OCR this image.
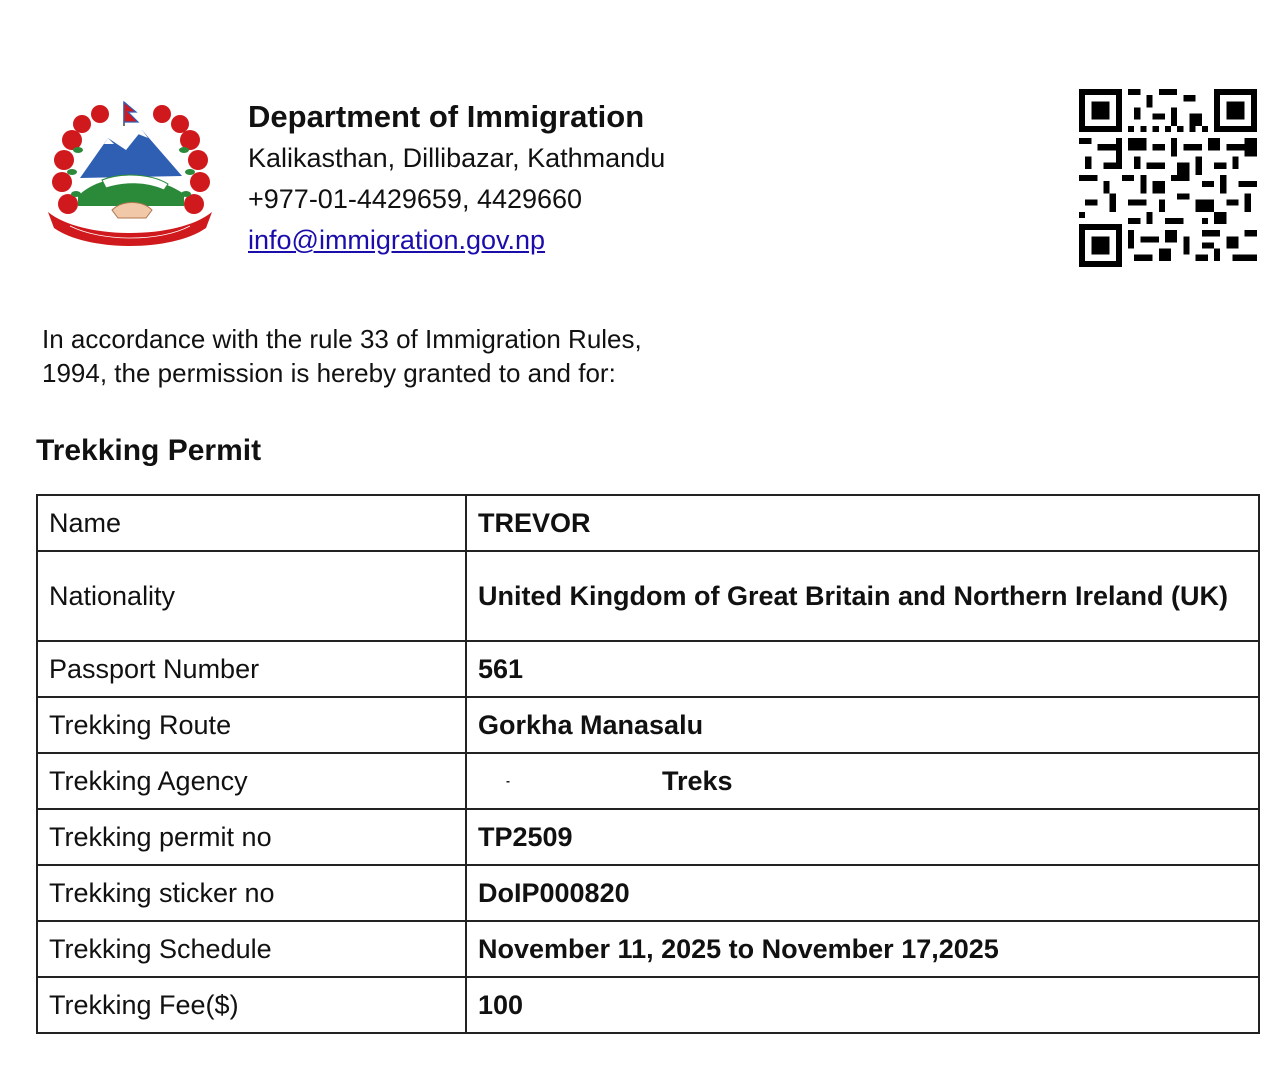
Department of Immigration
Kalikasthan, Dillibazar, Kathmandu
+977-01-4429659, 4429660
info@immigration.gov.np
In accordance with the rule 33 of Immigration Rules,
1994, the permission is hereby granted to and for:
Trekking Permit
Name	TREVOR
Nationality	United Kingdom of Great Britain and Northern Ireland (UK)
Passport Number	561
Trekking Route	Gorkha Manasalu
Trekking Agency	- Treks
Trekking permit no	TP2509
Trekking sticker no	DoIP000820
Trekking Schedule	November 11, 2025 to November 17,2025
Trekking Fee($)	100
